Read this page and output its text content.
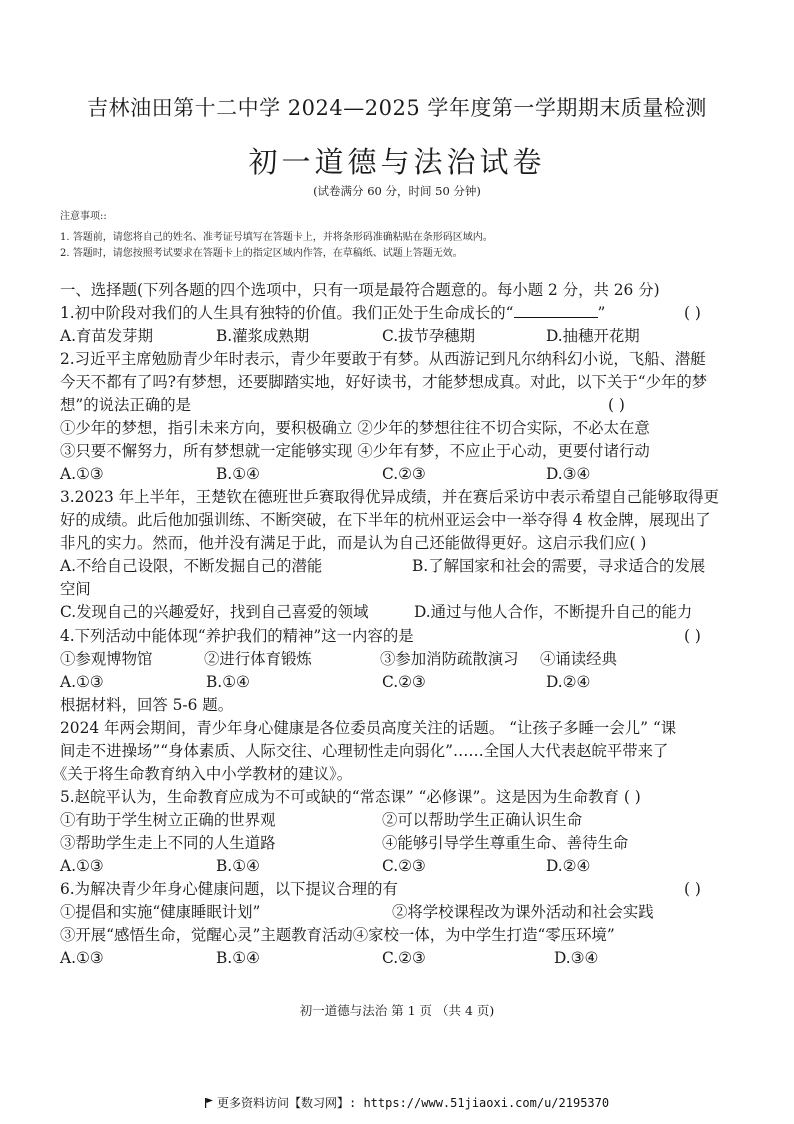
吉林油田第十二中学 2024—2025 学年度第一学期期末质量检测
初一道德与法治试卷
(试卷满分 60 分，时间 50 分钟)
注意事项::
1. 答题前，请您将自己的姓名、准考证号填写在答题卡上，并将条形码准确粘贴在条形码区域内。
2. 答题时，请您按照考试要求在答题卡上的指定区域内作答，在草稿纸、试题上答题无效。
一、选择题(下列各题的四个选项中，只有一项是最符合题意的。每小题 2 分，共 26 分)
1.初中阶段对我们的人生具有独特的价值。我们正处于生命成长的“	”	( )
A.育苗发芽期	B.灌浆成熟期	C.拔节孕穗期	D.抽穗开花期
2.习近平主席勉励青少年时表示，青少年要敢于有梦。从西游记到凡尔纳科幻小说，飞船、潜艇
今天不都有了吗?有梦想，还要脚踏实地，好好读书，才能梦想成真。对此，以下关于“少年的梦
想”的说法正确的是	( )
①少年的梦想，指引未来方向，要积极确立 ②少年的梦想往往不切合实际，不必太在意
③只要不懈努力，所有梦想就一定能够实现 ④少年有梦，不应止于心动，更要付诸行动
A.①③	B.①④	C.②③	D.③④
3.2023 年上半年，王楚钦在德班世乒赛取得优异成绩，并在赛后采访中表示希望自己能够取得更
好的成绩。此后他加强训练、不断突破，在下半年的杭州亚运会中一举夺得 4 枚金牌，展现出了
非凡的实力。然而，他并没有满足于此，而是认为自己还能做得更好。这启示我们应( )
A.不给自己设限，不断发掘自己的潜能	B.了解国家和社会的需要，寻求适合的发展
空间
C.发现自己的兴趣爱好，找到自己喜爱的领域	D.通过与他人合作，不断提升自己的能力
4.下列活动中能体现“养护我们的精神”这一内容的是	( )
①参观博物馆	②进行体育锻炼	③参加消防疏散演习 ④诵读经典
A.①③	B.①④	C.②③	D.②④
根据材料，回答 5-6 题。
2024 年两会期间，青少年身心健康是各位委员高度关注的话题。 “让孩子多睡一会儿” “课
间走不进操场”“身体素质、人际交往、心理韧性走向弱化”……全国人大代表赵皖平带来了
《关于将生命教育纳入中小学教材的建议》。
5.赵皖平认为，生命教育应成为不可或缺的“常态课” “必修课”。这是因为生命教育 ( )
①有助于学生树立正确的世界观	②可以帮助学生正确认识生命
③帮助学生走上不同的人生道路	④能够引导学生尊重生命、善待生命
A.①③	B.①④	C.②③	D.②④
6.为解决青少年身心健康问题，以下提议合理的有	( )
①提倡和实施“健康睡眠计划”	②将学校课程改为课外活动和社会实践
③开展“感悟生命，觉醒心灵”主题教育活动④家校一体，为中学生打造“零压环境”
A.①③	B.①④	C.②③	D.③④
初一道德与法治 第 1 页 （共 4 页)
更多资料访问【数习网】: https://www.51jiaoxi.com/u/2195370
